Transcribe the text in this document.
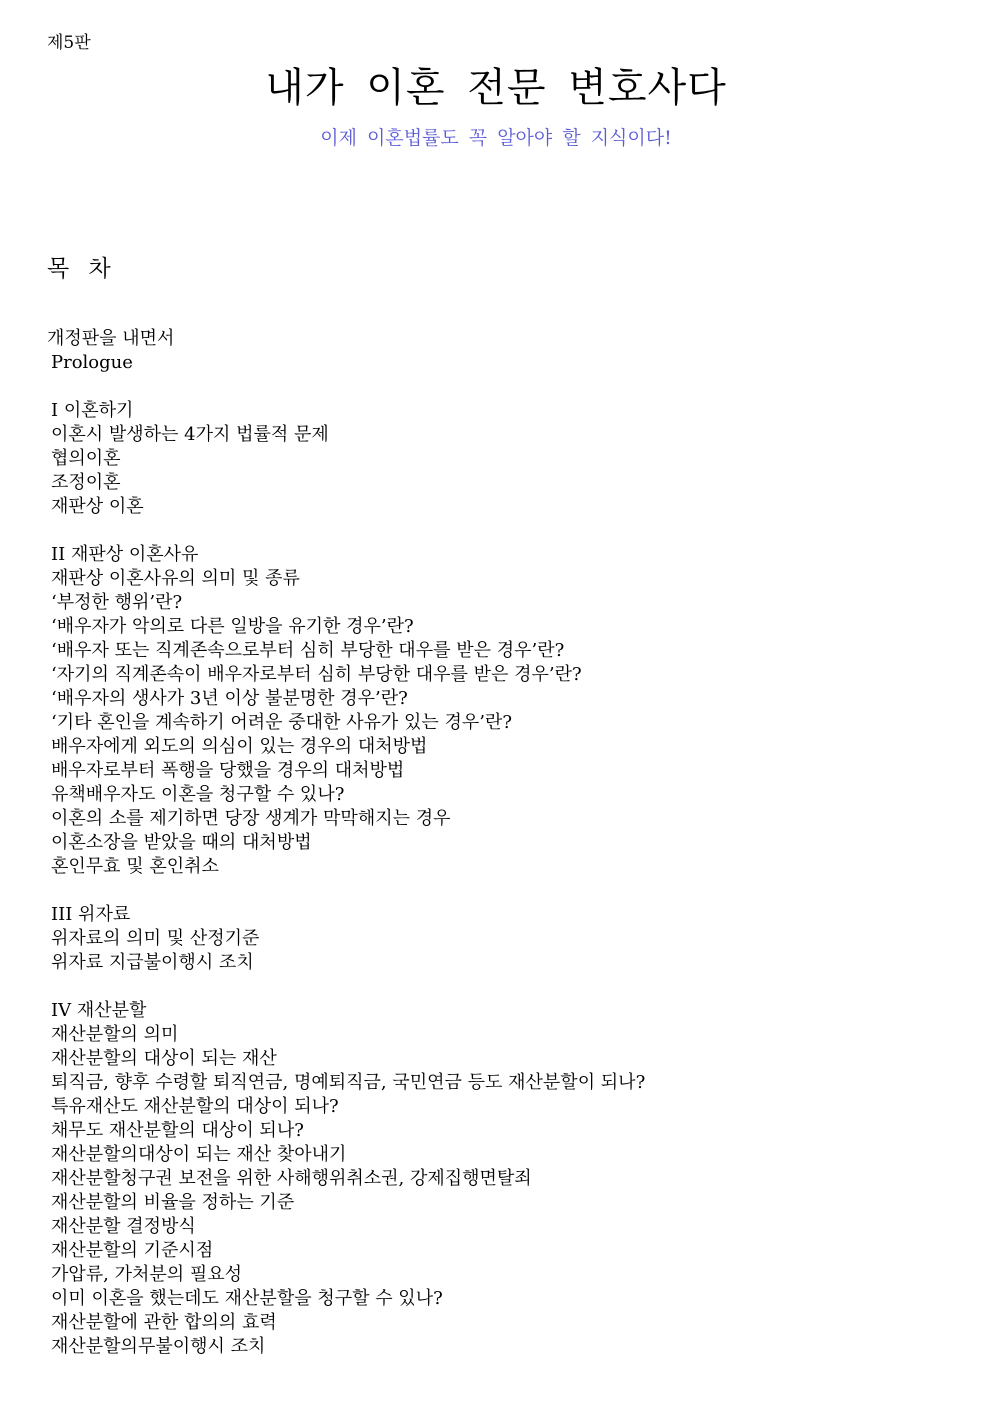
제5판
내가 이혼 전문 변호사다
이제 이혼법률도 꼭 알아야 할 지식이다!
목 차
개정판을 내면서
Prologue
I 이혼하기
이혼시 발생하는 4가지 법률적 문제
협의이혼
조정이혼
재판상 이혼
II 재판상 이혼사유
재판상 이혼사유의 의미 및 종류
‘부정한 행위’란?
‘배우자가 악의로 다른 일방을 유기한 경우’란?
‘배우자 또는 직계존속으로부터 심히 부당한 대우를 받은 경우’란?
‘자기의 직계존속이 배우자로부터 심히 부당한 대우를 받은 경우’란?
‘배우자의 생사가 3년 이상 불분명한 경우’란?
‘기타 혼인을 계속하기 어려운 중대한 사유가 있는 경우’란?
배우자에게 외도의 의심이 있는 경우의 대처방법
배우자로부터 폭행을 당했을 경우의 대처방법
유책배우자도 이혼을 청구할 수 있나?
이혼의 소를 제기하면 당장 생계가 막막해지는 경우
이혼소장을 받았을 때의 대처방법
혼인무효 및 혼인취소
III 위자료
위자료의 의미 및 산정기준
위자료 지급불이행시 조치
IV 재산분할
재산분할의 의미
재산분할의 대상이 되는 재산
퇴직금, 향후 수령할 퇴직연금, 명예퇴직금, 국민연금 등도 재산분할이 되나?
특유재산도 재산분할의 대상이 되나?
채무도 재산분할의 대상이 되나?
재산분할의대상이 되는 재산 찾아내기
재산분할청구권 보전을 위한 사해행위취소권, 강제집행면탈죄
재산분할의 비율을 정하는 기준
재산분할 결정방식
재산분할의 기준시점
가압류, 가처분의 필요성
이미 이혼을 했는데도 재산분할을 청구할 수 있나?
재산분할에 관한 합의의 효력
재산분할의무불이행시 조치
